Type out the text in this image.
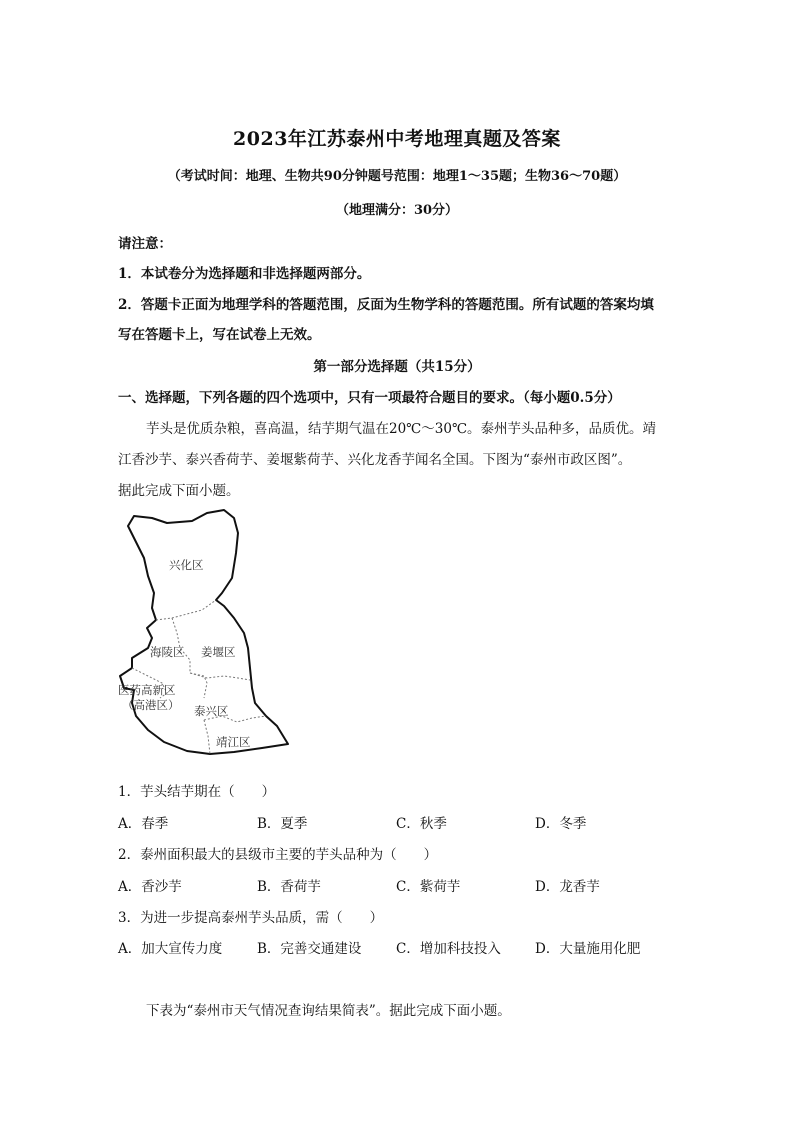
2023年江苏泰州中考地理真题及答案
（考试时间：地理、生物共90分钟题号范围：地理1～35题；生物36～70题）
（地理满分：30分）
请注意：
1．本试卷分为选择题和非选择题两部分。
2．答题卡正面为地理学科的答题范围，反面为生物学科的答题范围。所有试题的答案均填
写在答题卡上，写在试卷上无效。
第一部分选择题（共15分）
一、选择题，下列各题的四个选项中，只有一项最符合题目的要求。（每小题0.5分）
芋头是优质杂粮，喜高温，结芋期气温在20℃～30℃。泰州芋头品种多，品质优。靖
江香沙芋、泰兴香荷芋、姜堰紫荷芋、兴化龙香芋闻名全国。下图为“泰州市政区图”。
据此完成下面小题。
兴化区
海陵区 姜堰区
医药高新区
（高港区） 泰兴区
靖江区
1．芋头结芋期在（　　）
A．春季	B．夏季	C．秋季	D．冬季
2．泰州面积最大的县级市主要的芋头品种为（　　）
A．香沙芋	B．香荷芋	C．紫荷芋	D．龙香芋
3．为进一步提高泰州芋头品质，需（　　）
A．加大宣传力度	B．完善交通建设	C．增加科技投入	D．大量施用化肥
下表为“泰州市天气情况查询结果简表”。据此完成下面小题。
